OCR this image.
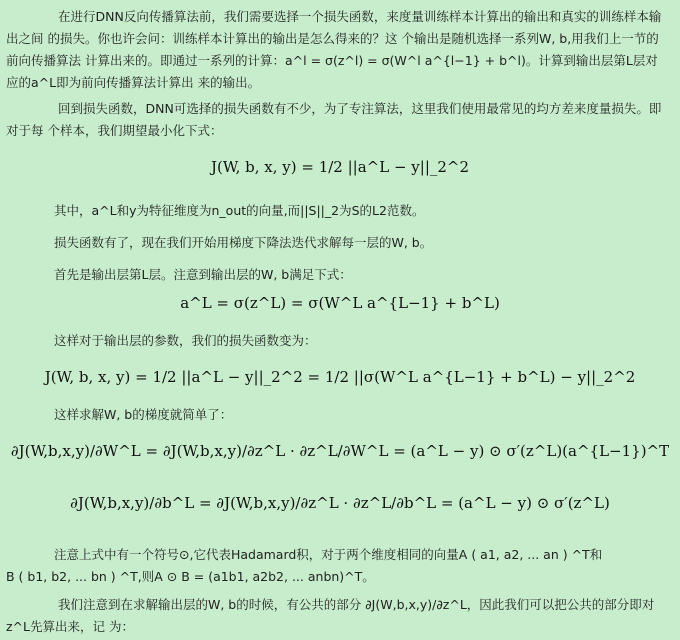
在进行DNN反向传播算法前，我们需要选择一个损失函数，来度量训练样本计算出的输出和真实的训练样本输出之间 的损失。你也许会问：训练样本计算出的输出是怎么得来的？这 个输出是随机选择一系列W, b,用我们上一节的前向传播算法 计算出来的。即通过一系列的计算：a^l = σ(z^l) = σ(W^l a^{l−1} + b^l)。计算到输出层第L层对应的a^L即为前向传播算法计算出 来的输出。

回到损失函数，DNN可选择的损失函数有不少，为了专注算法，这里我们使用最常见的均方差来度量损失。即对于每 个样本，我们期望最小化下式：

J(W, b, x, y) = 1/2 ||a^L − y||_2^2

其中，a^L和y为特征维度为n_out的向量,而||S||_2为S的L2范数。

损失函数有了，现在我们开始用梯度下降法迭代求解每一层的W, b。

首先是输出层第L层。注意到输出层的W, b满足下式：

a^L = σ(z^L) = σ(W^L a^{L−1} + b^L)

这样对于输出层的参数，我们的损失函数变为：

J(W, b, x, y) = 1/2 ||a^L − y||_2^2 = 1/2 ||σ(W^L a^{L−1} + b^L) − y||_2^2

这样求解W, b的梯度就简单了：

∂J(W,b,x,y)/∂W^L = ∂J(W,b,x,y)/∂z^L · ∂z^L/∂W^L = (a^L − y) ⊙ σ′(z^L)(a^{L−1})^T
∂J(W,b,x,y)/∂b^L = ∂J(W,b,x,y)/∂z^L · ∂z^L/∂b^L = (a^L − y) ⊙ σ′(z^L)

注意上式中有一个符号⊙,它代表Hadamard积，对于两个维度相同的向量A ( a1, a2, ... an ) ^T和

B ( b1, b2, ... bn ) ^T,则A ⊙ B = (a1b1, a2b2, ... anbn)^T。

我们注意到在求解输出层的W, b的时候，有公共的部分 ∂J(W,b,x,y)/∂z^L，因此我们可以把公共的部分即对z^L先算出来，记 为：
